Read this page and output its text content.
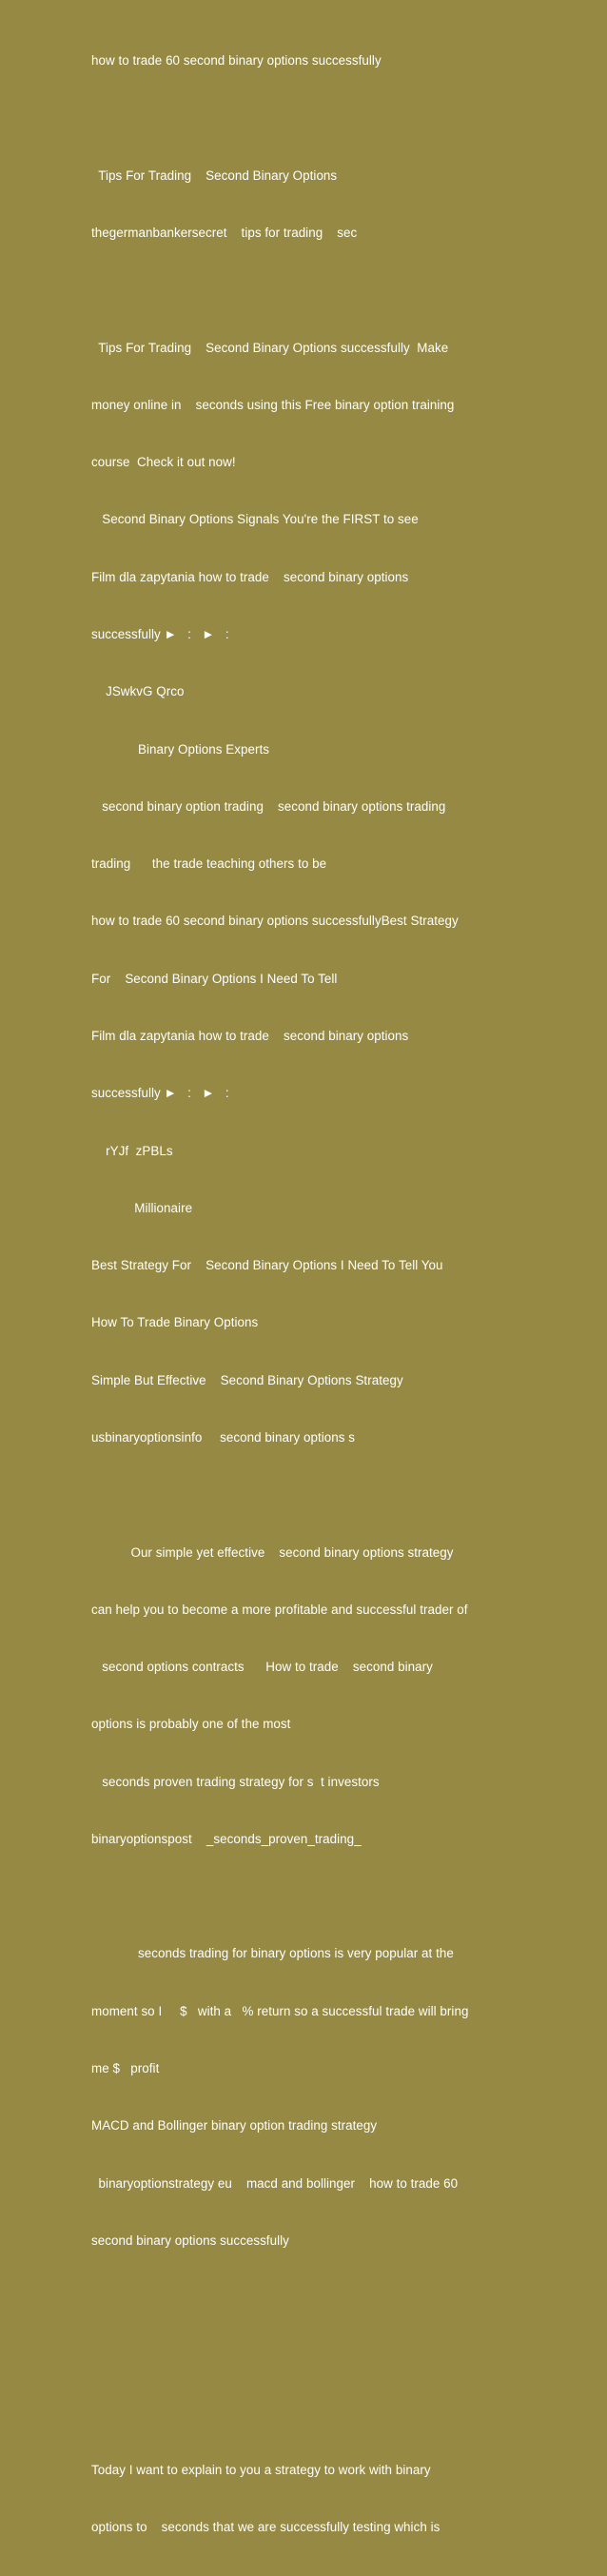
how to trade 60 second binary options successfully

Tips For Trading    Second Binary Options

thegermanbankersecret    tips for trading    sec

Tips For Trading    Second Binary Options successfully  Make

money online in    seconds using this Free binary option training

course  Check it out now!

Second Binary Options Signals You're the FIRST to see

Film dla zapytania how to trade    second binary options

successfully ►   :   ►   :

JSwkvG Qrco

Binary Options Experts

second binary option trading    second binary options trading

trading      the trade teaching others to be

how to trade 60 second binary options successfullyBest Strategy

For    Second Binary Options I Need To Tell

Film dla zapytania how to trade    second binary options

successfully ►   :   ►   :

rYJf  zPBLs

Millionaire

Best Strategy For    Second Binary Options I Need To Tell You

How To Trade Binary Options

Simple But Effective    Second Binary Options Strategy

usbinaryoptionsinfo     second binary options s

Our simple yet effective    second binary options strategy

can help you to become a more profitable and successful trader of

second options contracts      How to trade    second binary

options is probably one of the most

seconds proven trading strategy for s  t investors

binaryoptionspost    _seconds_proven_trading_

seconds trading for binary options is very popular at the

moment so I     $   with a   % return so a successful trade will bring

me $   profit

MACD and Bollinger binary option trading strategy

binaryoptionstrategy eu    macd and bollinger    how to trade 60

second binary options successfully

Today I want to explain to you a strategy to work with binary

options to    seconds that we are successfully testing which is
